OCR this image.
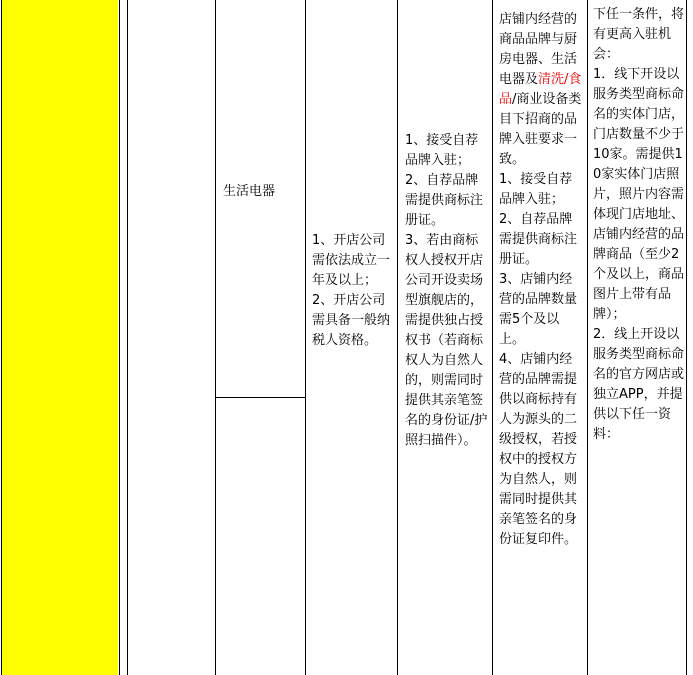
生活电器
1、开店公司需依法成立一年及以上；
2、开店公司需具备一般纳税人资格。
1、接受自荐品牌入驻；
2、自荐品牌需提供商标注册证。
3、若由商标权人授权开店公司开设卖场型旗舰店的，需提供独占授权书（若商标权人为自然人的，则需同时提供其亲笔签名的身份证/护照扫描件）。
店铺内经营的商品品牌与厨房电器、生活电器及清洗/食品/商业设备类目下招商的品牌入驻要求一致。
1、接受自荐品牌入驻；
2、自荐品牌需提供商标注册证。
3、店铺内经营的品牌数量需5个及以上。
4、店铺内经营的品牌需提供以商标持有人为源头的二级授权，若授权中的授权方为自然人，则需同时提供其亲笔签名的身份证复印件。
下任一条件，将有更高入驻机会：
1．线下开设以服务类型商标命名的实体门店，门店数量不少于10家。需提供10家实体门店照片，照片内容需体现门店地址、店铺内经营的品牌商品（至少2个及以上，商品图片上带有品牌）；
2．线上开设以服务类型商标命名的官方网店或独立APP，并提供以下任一资料：
